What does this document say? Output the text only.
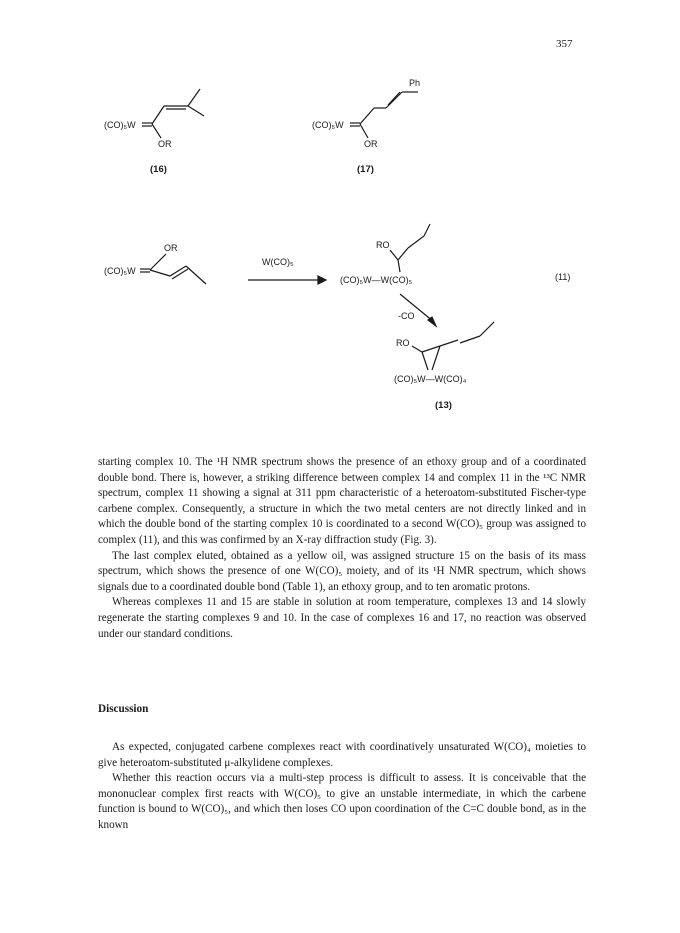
357
(CO)₅W
OR
(16)
(CO)₅W
Ph
OR
(17)
(CO)₅W
OR
W(CO)₅
RO
(CO)₅W—W(CO)₅	(11)
-CO
RO
(CO)₅W—W(CO)₄
(13)

starting complex 10. The ¹H NMR spectrum shows the presence of an ethoxy group and of a coordinated double bond. There is, however, a striking difference between complex 14 and complex 11 in the ¹³C NMR spectrum, complex 11 showing a signal at 311 ppm characteristic of a heteroatom-substituted Fischer-type carbene complex. Consequently, a structure in which the two metal centers are not directly linked and in which the double bond of the starting complex 10 is coordinated to a second W(CO)₅ group was assigned to complex (11), and this was confirmed by an X-ray diffraction study (Fig. 3).

The last complex eluted, obtained as a yellow oil, was assigned structure 15 on the basis of its mass spectrum, which shows the presence of one W(CO)₅ moiety, and of its ¹H NMR spectrum, which shows signals due to a coordinated double bond (Table 1), an ethoxy group, and to ten aromatic protons.

Whereas complexes 11 and 15 are stable in solution at room temperature, complexes 13 and 14 slowly regenerate the starting complexes 9 and 10. In the case of complexes 16 and 17, no reaction was observed under our standard conditions.

Discussion

As expected, conjugated carbene complexes react with coordinatively unsaturated W(CO)₄ moieties to give heteroatom-substituted μ-alkylidene complexes.

Whether this reaction occurs via a multi-step process is difficult to assess. It is conceivable that the mononuclear complex first reacts with W(CO)₅ to give an unstable intermediate, in which the carbene function is bound to W(CO)₅, and which then loses CO upon coordination of the C=C double bond, as in the known
